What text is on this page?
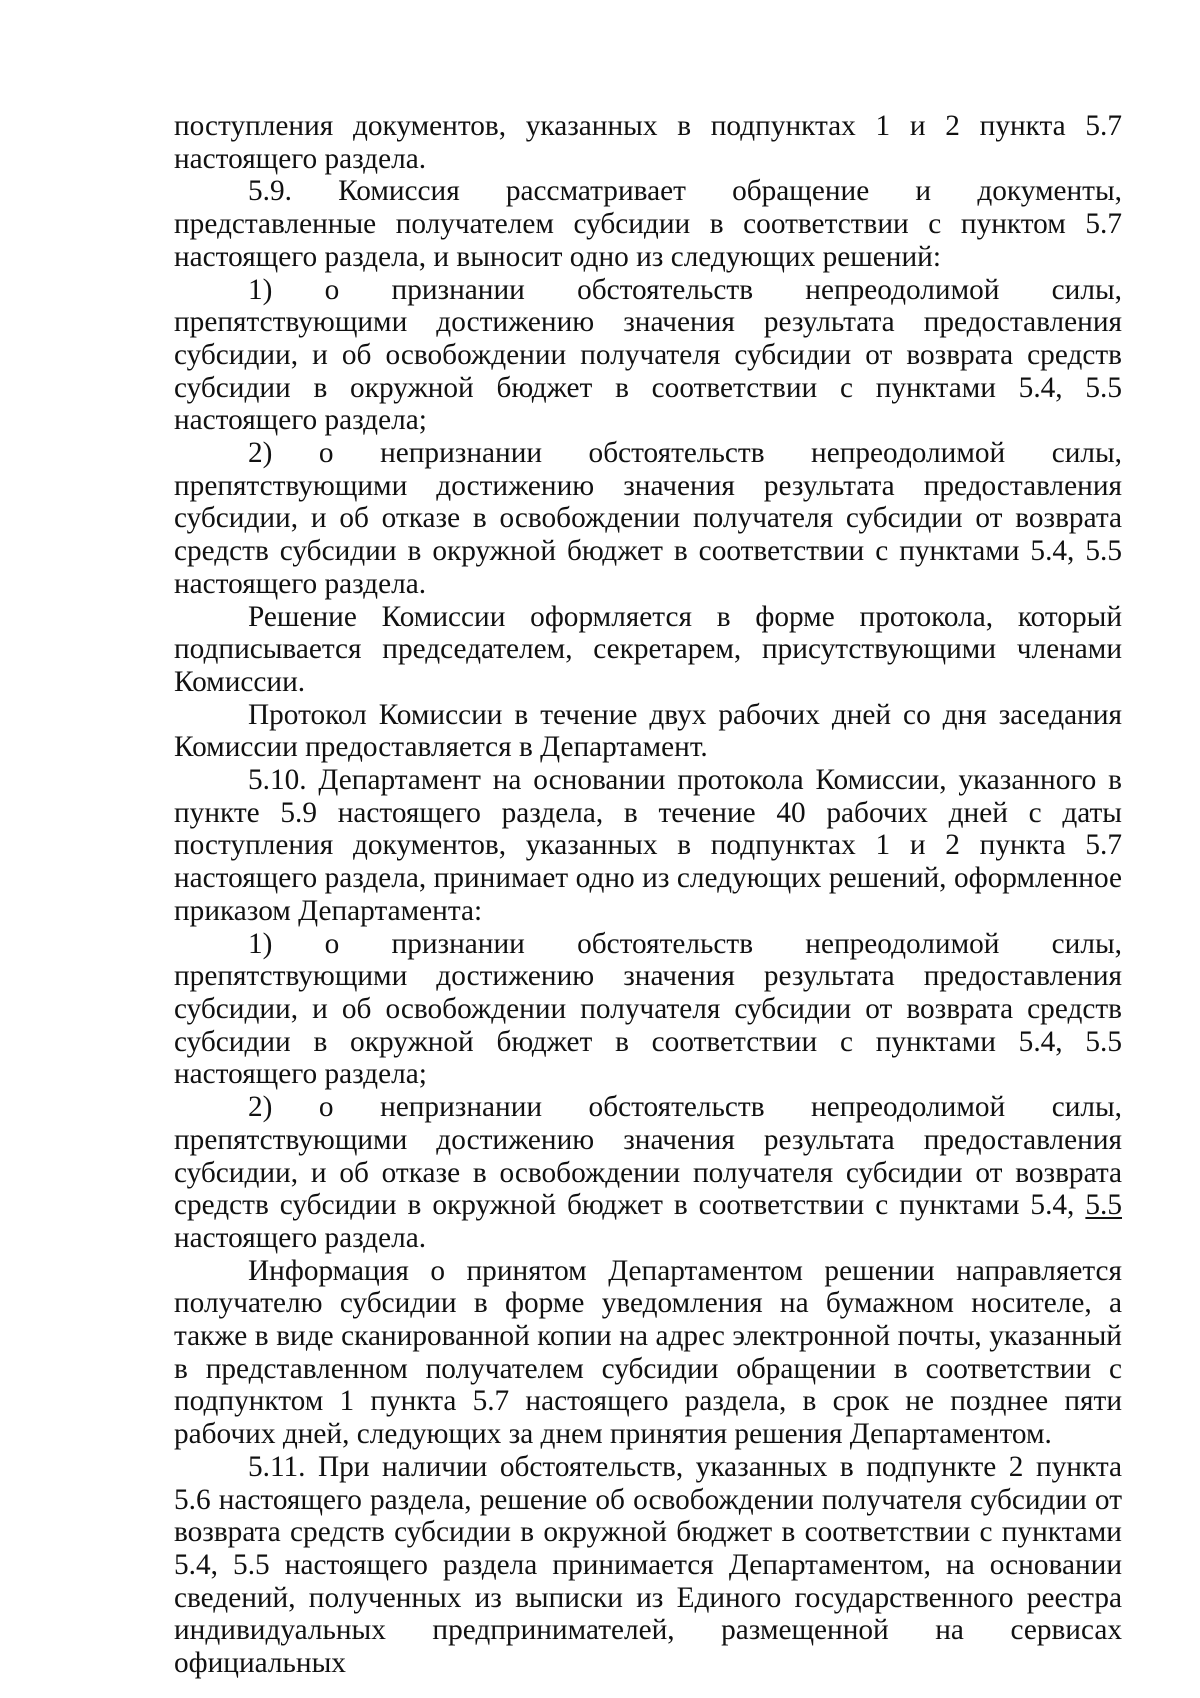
поступления документов, указанных в подпунктах 1 и 2 пункта 5.7 настоящего раздела.

5.9. Комиссия рассматривает обращение и документы, представленные получателем субсидии в соответствии с пунктом 5.7 настоящего раздела, и выносит одно из следующих решений:

1) о признании обстоятельств непреодолимой силы, препятствующими достижению значения результата предоставления субсидии, и об освобождении получателя субсидии от возврата средств субсидии в окружной бюджет в соответствии с пунктами 5.4, 5.5 настоящего раздела;

2) о непризнании обстоятельств непреодолимой силы, препятствующими достижению значения результата предоставления субсидии, и об отказе в освобождении получателя субсидии от возврата средств субсидии в окружной бюджет в соответствии с пунктами 5.4, 5.5 настоящего раздела.

Решение Комиссии оформляется в форме протокола, который подписывается председателем, секретарем, присутствующими членами Комиссии.

Протокол Комиссии в течение двух рабочих дней со дня заседания Комиссии предоставляется в Департамент.

5.10. Департамент на основании протокола Комиссии, указанного в пункте 5.9 настоящего раздела, в течение 40 рабочих дней с даты поступления документов, указанных в подпунктах 1 и 2 пункта 5.7 настоящего раздела, принимает одно из следующих решений, оформленное приказом Департамента:

1) о признании обстоятельств непреодолимой силы, препятствующими достижению значения результата предоставления субсидии, и об освобождении получателя субсидии от возврата средств субсидии в окружной бюджет в соответствии с пунктами 5.4, 5.5 настоящего раздела;

2) о непризнании обстоятельств непреодолимой силы, препятствующими достижению значения результата предоставления субсидии, и об отказе в освобождении получателя субсидии от возврата средств субсидии в окружной бюджет в соответствии с пунктами 5.4, 5.5 настоящего раздела.

Информация о принятом Департаментом решении направляется получателю субсидии в форме уведомления на бумажном носителе, а также в виде сканированной копии на адрес электронной почты, указанный в представленном получателем субсидии обращении в соответствии с подпунктом 1 пункта 5.7 настоящего раздела, в срок не позднее пяти рабочих дней, следующих за днем принятия решения Департаментом.

5.11. При наличии обстоятельств, указанных в подпункте 2 пункта 5.6 настоящего раздела, решение об освобождении получателя субсидии от возврата средств субсидии в окружной бюджет в соответствии с пунктами 5.4, 5.5 настоящего раздела принимается Департаментом, на основании сведений, полученных из выписки из Единого государственного реестра индивидуальных предпринимателей, размещенной на сервисах официальных
